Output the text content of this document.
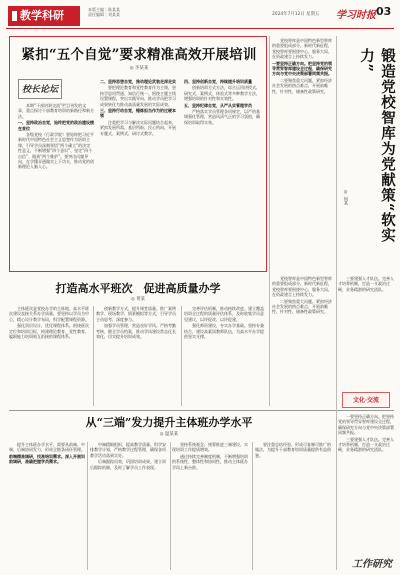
教学科研	本版主编｜陈某某
责任编辑｜刘某某	2024年7月12日 星期五 学习时报 03
紧扣“五个自觉”要求精准高效开展培训
◎ 李某某
校长论坛

本期“干部培训交流”栏目刊发的文章，重点探讨干部教育培训的新路径和新方法。

一、坚持政治自觉，始终把党的政治建设摆在首位

各级党校（行政学院）要始终把习近平新时代中国特色社会主义思想作为培训主课，引导学员深刻领悟“两个确立”的决定性意义，不断增强“四个意识”、坚定“四个自信”、做到“两个维护”。要突出问题导向，在学懂弄通做实上下功夫，推动党的创新理论入脑入心。

二、坚持思想自觉，推动理论武装走深走实

要把理论教育和党性教育作为主课，坚持学思用贯通、知信行统一。围绕主题主线设置课程，突出实践导向，推动学员把学习成果转化为推动高质量发展的实际成效。

三、坚持行动自觉，锤炼担当作为的过硬本领

注重把学习与解决实际问题结合起来，紧扣发展所需、基层所盼、民心所向，开展专题式、案例式、研讨式教学。

四、坚持创新自觉，持续提升培训质量

创新培训方式方法，综合运用讲授式、研究式、案例式、体验式等多种教学方法，增强培训的针对性和实效性。

五、坚持纪律自觉，从严从实管理学员

严格落实学员管理各项规定，以严的基调强化管理，营造风清气正的学习氛围，确保培训取得实效。

党校智库是中国特色新型智库的重要组成部分。新时代新征程，党校智库要围绕中心、服务大局，在资政建言上持续发力。

一要坚持正确方向。把坚持党的领导贯穿智库建设全过程，确保研究方向与党中央决策部署同频共振。

二要聚焦重大问题。紧扣经济社会发展的热点难点，开展前瞻性、针对性、储备性政策研究。	锻造党校智库为党献策“软实力”
◎ 何某

三要建强人才队伍。完善人才培养机制，打造一支政治过硬、业务精湛的研究团队。

打造高水平班次　促进高质量办学
◎ 黄某

主体班次是党校办学的主阵地，高水平班次建设直接关系办学质量。要坚持以学员为中心，精心设计教学布局，科学配置课程资源。

强化顶层设计，优化课程体系。围绕班次定位和培训目标，构建理论教育、党性教育、履职能力培训相互衔接的课程体系。

创新教学方式，提升课堂质量。推广案例教学、现场教学、情景模拟等方式，引导学员主动思考、深度参与。

加强学员管理，营造良好学风。严格考勤考核，健全学员档案，推动学风建设常态化长效化，切实提升培训成效。

完善评估机制，推动持续改进。建立覆盖培训全过程的质量评估体系，及时收集学员意见建议，以评促改、以评促建。

强化师资建设，夯实办学基础。坚持专兼结合，建设高素质教师队伍，为高水平办学提供坚实支撑。

党校智库是中国特色新型智库的重要组成部分。新时代新征程，党校智库要围绕中心、服务大局，在资政建言上持续发力。

二要聚焦重大问题。紧扣经济社会发展的热点难点，开展前瞻性、针对性、储备性政策研究。

文化·交流
从“三端”发力提升主体班办学水平
◎ 温某某

提升主体班办学水平，需要从前端、中端、后端协同发力，形成全链条闭环管理。

前端精准调研，找准培训需求。深入开展训前调研，准确把握学员需求。

中端精细组织，提高教学质量。科学安排教学计划，严格教学过程管理，确保各项教学活动落到实处。

后端跟踪问效，巩固培训成果。建立训后跟踪机制，及时了解学员工作表现。

坚持系统观念，统筹推进三端建设，实现培训工作提质增效。

通过持续完善制度机制，不断增强培训的系统性、整体性和协同性，推动主体班办学再上新台阶。

要注重总结经验，形成可复制可推广的做法，为提升干部教育培训质量提供有益借鉴。

一要坚持正确方向。把坚持党的领导贯穿智库建设全过程，确保研究方向与党中央决策部署同频共振。

三要建强人才队伍。完善人才培养机制，打造一支政治过硬、业务精湛的研究团队。

工作研究
